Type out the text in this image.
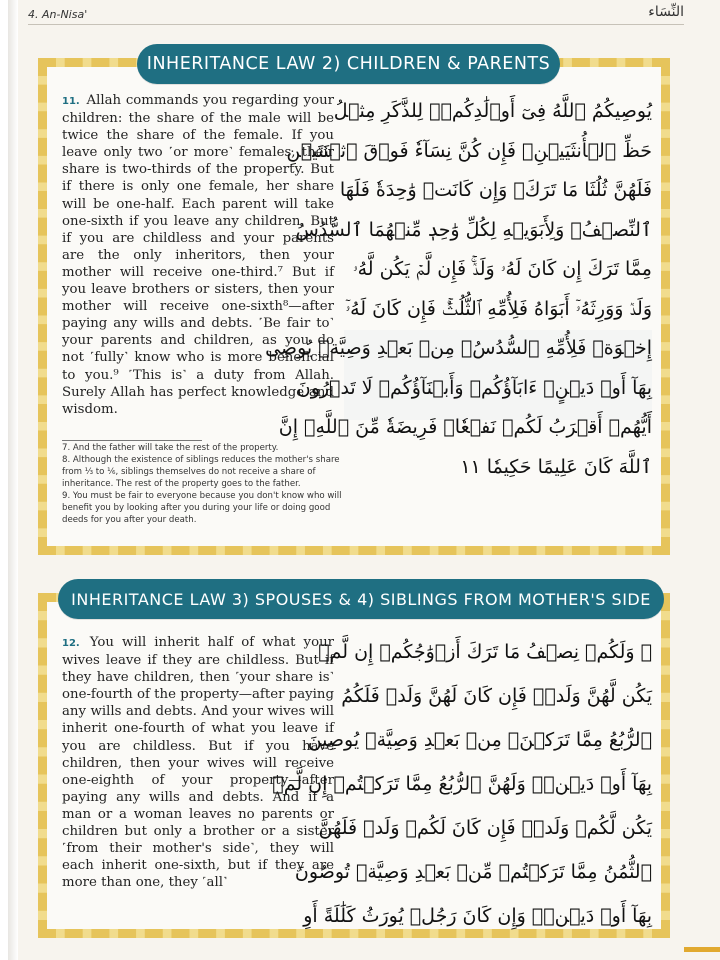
4. An-Nisa'	النِّسَاء
INHERITANCE LAW 2) CHILDREN & PARENTS

11. Allah commands you regarding your children: the share of the male will be twice the share of the female. If you leave only two ˹or more˺ females, their share is two-thirds of the property. But if there is only one female, her share will be one-half. Each parent will take one-sixth if you leave any children. But if you are childless and your parents are the only inheritors, then your mother will receive one-third.⁷ But if you leave brothers or sisters, then your mother will receive one-sixth⁸—after paying any wills and debts. ˹Be fair to˺ your parents and children, as you do not ˹fully˺ know who is more beneficial to you.⁹ ˹This is˺ a duty from Allah. Surely Allah has perfect knowledge and wisdom.

7. And the father will take the rest of the property.

8. Although the existence of siblings reduces the mother's share from ⅓ to ⅙, siblings themselves do not receive a share of inheritance. The rest of the property goes to the father.

9. You must be fair to everyone because you don't know who will benefit you by looking after you during your life or doing good deeds for you after your death.

يُوصِيكُمُ ٱللَّهُ فِىٓ أَوۡلَٰدِكُمۡۖ لِلذَّكَرِ مِثۡلُ
حَظِّ ٱلۡأُنثَيَيۡنِۚ فَإِن كُنَّ نِسَآءٗ فَوۡقَ ٱثۡنَتَيۡنِ
فَلَهُنَّ ثُلُثَا مَا تَرَكَۖ وَإِن كَانَتۡ وَٰحِدَةٗ فَلَهَا
ٱلنِّصۡفُۚ وَلِأَبَوَيۡهِ لِكُلِّ وَٰحِدٖ مِّنۡهُمَا ٱلسُّدُسُ
مِمَّا تَرَكَ إِن كَانَ لَهُۥ وَلَدٞۚ فَإِن لَّمۡ يَكُن لَّهُۥ
وَلَدٞ وَوَرِثَهُۥٓ أَبَوَاهُ فَلِأُمِّهِ ٱلثُّلُثُۚ فَإِن كَانَ لَهُۥٓ
إِخۡوَةٞ فَلِأُمِّهِ ٱلسُّدُسُۚ مِنۢ بَعۡدِ وَصِيَّةٖ يُوصِى
بِهَآ أَوۡ دَيۡنٍۗ ءَابَآؤُكُمۡ وَأَبۡنَآؤُكُمۡ لَا تَدۡرُونَ
أَيُّهُمۡ أَقۡرَبُ لَكُمۡ نَفۡعٗاۚ فَرِيضَةٗ مِّنَ ٱللَّهِۗ إِنَّ
ٱللَّهَ كَانَ عَلِيمًا حَكِيمٗا ١١
INHERITANCE LAW 3) SPOUSES & 4) SIBLINGS FROM MOTHER'S SIDE

12. You will inherit half of what your wives leave if they are childless. But if they have children, then ˹your share is˺ one-fourth of the property—after paying any wills and debts. And your wives will inherit one-fourth of what you leave if you are childless. But if you have children, then your wives will receive one-eighth of your property—after paying any wills and debts. And if a man or a woman leaves no parents or children but only a brother or a sister ˹from their mother's side˺, they will each inherit one-sixth, but if they are more than one, they ˹all˺

۞ وَلَكُمۡ نِصۡفُ مَا تَرَكَ أَزۡوَٰجُكُمۡ إِن لَّمۡ
يَكُن لَّهُنَّ وَلَدٞۚ فَإِن كَانَ لَهُنَّ وَلَدٞ فَلَكُمُ
ٱلرُّبُعُ مِمَّا تَرَكۡنَۚ مِنۢ بَعۡدِ وَصِيَّةٖ يُوصِينَ
بِهَآ أَوۡ دَيۡنٖۚ وَلَهُنَّ ٱلرُّبُعُ مِمَّا تَرَكۡتُمۡ إِن لَّمۡ
يَكُن لَّكُمۡ وَلَدٞۚ فَإِن كَانَ لَكُمۡ وَلَدٞ فَلَهُنَّ
ٱلثُّمُنُ مِمَّا تَرَكۡتُمۚ مِّنۢ بَعۡدِ وَصِيَّةٖ تُوصُونَ
بِهَآ أَوۡ دَيۡنٖۗ وَإِن كَانَ رَجُلٞ يُورَثُ كَلَٰلَةً أَوِ
